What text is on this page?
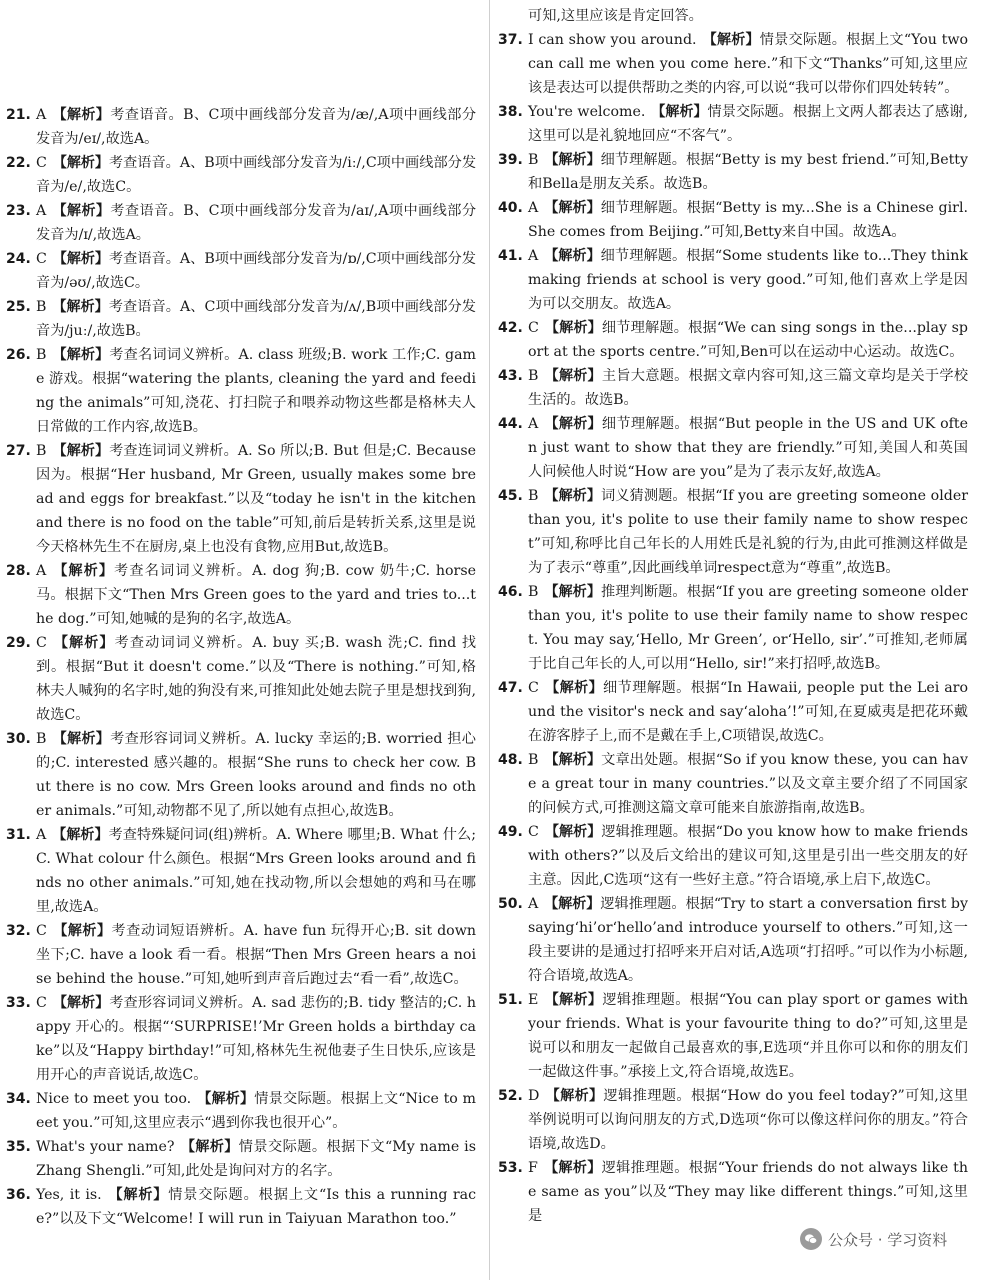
21. A 【解析】考查语音。B、C项中画线部分发音为/æ/,A项中画线部分发音为/eɪ/,故选A。
22. C 【解析】考查语音。A、B项中画线部分发音为/iː/,C项中画线部分发音为/e/,故选C。
23. A 【解析】考查语音。B、C项中画线部分发音为/aɪ/,A项中画线部分发音为/ɪ/,故选A。
24. C 【解析】考查语音。A、B项中画线部分发音为/ɒ/,C项中画线部分发音为/əʊ/,故选C。
25. B 【解析】考查语音。A、C项中画线部分发音为/ʌ/,B项中画线部分发音为/juː/,故选B。
26. B 【解析】考查名词词义辨析。A. class 班级;B. work 工作;C. game 游戏。根据“watering the plants, cleaning the yard and feeding the animals”可知,浇花、打扫院子和喂养动物这些都是格林夫人日常做的工作内容,故选B。
27. B 【解析】考查连词词义辨析。A. So 所以;B. But 但是;C. Because 因为。根据“Her husband, Mr Green, usually makes some bread and eggs for breakfast.”以及“today he isn't in the kitchen and there is no food on the table”可知,前后是转折关系,这里是说今天格林先生不在厨房,桌上也没有食物,应用But,故选B。
28. A 【解析】考查名词词义辨析。A. dog 狗;B. cow 奶牛;C. horse 马。根据下文“Then Mrs Green goes to the yard and tries to...the dog.”可知,她喊的是狗的名字,故选A。
29. C 【解析】考查动词词义辨析。A. buy 买;B. wash 洗;C. find 找到。根据“But it doesn't come.”以及“There is nothing.”可知,格林夫人喊狗的名字时,她的狗没有来,可推知此处她去院子里是想找到狗,故选C。
30. B 【解析】考查形容词词义辨析。A. lucky 幸运的;B. worried 担心的;C. interested 感兴趣的。根据“She runs to check her cow. But there is no cow. Mrs Green looks around and finds no other animals.”可知,动物都不见了,所以她有点担心,故选B。
31. A 【解析】考查特殊疑问词(组)辨析。A. Where 哪里;B. What 什么;C. What colour 什么颜色。根据“Mrs Green looks around and finds no other animals.”可知,她在找动物,所以会想她的鸡和马在哪里,故选A。
32. C 【解析】考查动词短语辨析。A. have fun 玩得开心;B. sit down 坐下;C. have a look 看一看。根据“Then Mrs Green hears a noise behind the house.”可知,她听到声音后跑过去“看一看”,故选C。
33. C 【解析】考查形容词词义辨析。A. sad 悲伤的;B. tidy 整洁的;C. happy 开心的。根据“‘SURPRISE!’Mr Green holds a birthday cake”以及“Happy birthday!”可知,格林先生祝他妻子生日快乐,应该是用开心的声音说话,故选C。
34. Nice to meet you too. 【解析】情景交际题。根据上文“Nice to meet you.”可知,这里应表示“遇到你我也很开心”。
35. What's your name? 【解析】情景交际题。根据下文“My name is Zhang Shengli.”可知,此处是询问对方的名字。
36. Yes, it is. 【解析】情景交际题。根据上文“Is this a running race?”以及下文“Welcome! I will run in Taiyuan Marathon too.”
可知,这里应该是肯定回答。
37. I can show you around. 【解析】情景交际题。根据上文“You two can call me when you come here.”和下文“Thanks”可知,这里应该是表达可以提供帮助之类的内容,可以说“我可以带你们四处转转”。
38. You're welcome. 【解析】情景交际题。根据上文两人都表达了感谢,这里可以是礼貌地回应“不客气”。
39. B 【解析】细节理解题。根据“Betty is my best friend.”可知,Betty和Bella是朋友关系。故选B。
40. A 【解析】细节理解题。根据“Betty is my...She is a Chinese girl. She comes from Beijing.”可知,Betty来自中国。故选A。
41. A 【解析】细节理解题。根据“Some students like to...They think making friends at school is very good.”可知,他们喜欢上学是因为可以交朋友。故选A。
42. C 【解析】细节理解题。根据“We can sing songs in the...play sport at the sports centre.”可知,Ben可以在运动中心运动。故选C。
43. B 【解析】主旨大意题。根据文章内容可知,这三篇文章均是关于学校生活的。故选B。
44. A 【解析】细节理解题。根据“But people in the US and UK often just want to show that they are friendly.”可知,美国人和英国人问候他人时说“How are you”是为了表示友好,故选A。
45. B 【解析】词义猜测题。根据“If you are greeting someone older than you, it's polite to use their family name to show respect”可知,称呼比自己年长的人用姓氏是礼貌的行为,由此可推测这样做是为了表示“尊重”,因此画线单词respect意为“尊重”,故选B。
46. B 【解析】推理判断题。根据“If you are greeting someone older than you, it's polite to use their family name to show respect. You may say,‘Hello, Mr Green’, or‘Hello, sir’.”可推知,老师属于比自己年长的人,可以用“Hello, sir!”来打招呼,故选B。
47. C 【解析】细节理解题。根据“In Hawaii, people put the Lei around the visitor's neck and say‘aloha’!”可知,在夏威夷是把花环戴在游客脖子上,而不是戴在手上,C项错误,故选C。
48. B 【解析】文章出处题。根据“So if you know these, you can have a great tour in many countries.”以及文章主要介绍了不同国家的问候方式,可推测这篇文章可能来自旅游指南,故选B。
49. C 【解析】逻辑推理题。根据“Do you know how to make friends with others?”以及后文给出的建议可知,这里是引出一些交朋友的好主意。因此,C选项“这有一些好主意。”符合语境,承上启下,故选C。
50. A 【解析】逻辑推理题。根据“Try to start a conversation first by saying‘hi’or‘hello’and introduce yourself to others.”可知,这一段主要讲的是通过打招呼来开启对话,A选项“打招呼。”可以作为小标题,符合语境,故选A。
51. E 【解析】逻辑推理题。根据“You can play sport or games with your friends. What is your favourite thing to do?”可知,这里是说可以和朋友一起做自己最喜欢的事,E选项“并且你可以和你的朋友们一起做这件事。”承接上文,符合语境,故选E。
52. D 【解析】逻辑推理题。根据“How do you feel today?”可知,这里举例说明可以询问朋友的方式,D选项“你可以像这样问你的朋友。”符合语境,故选D。
53. F 【解析】逻辑推理题。根据“Your friends do not always like the same as you”以及“They may like different things.”可知,这里是
公众号 · 学习资料
